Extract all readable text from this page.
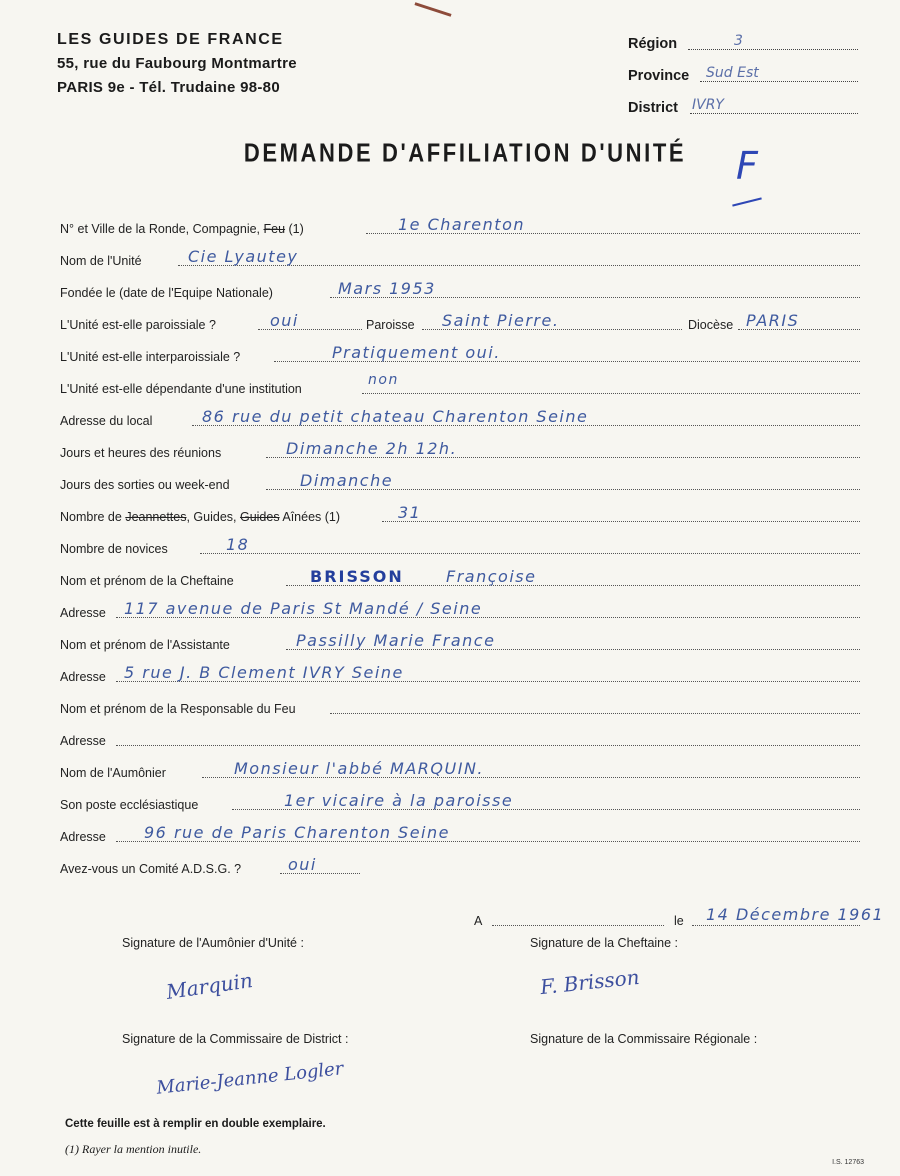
LES GUIDES DE FRANCE
55, rue du Faubourg Montmartre
PARIS 9e - Tél. Trudaine 98-80
Région	3
Province Sud Est
District IVRY
DEMANDE D'AFFILIATION D'UNITÉ	F
N° et Ville de la Ronde, Compagnie, Feu (1)	1e Charenton
Nom de l'Unité	Cie Lyautey
Fondée le (date de l'Equipe Nationale)	Mars 1953
L'Unité est-elle paroissiale ?	oui	Paroisse Saint Pierre.	Diocèse PARIS
L'Unité est-elle interparoissiale ?	Pratiquement oui.
L'Unité est-elle dépendante d'une institution
non
Adresse du local	86 rue du petit chateau Charenton Seine
Jours et heures des réunions	Dimanche 2h 12h.
Jours des sorties ou week-end	Dimanche
Nombre de Jeannettes, Guides, Guides Aînées (1)	31
Nombre de novices	18
Nom et prénom de la Cheftaine	BRISSON	Françoise
Adresse 117 avenue de Paris St Mandé / Seine
Nom et prénom de l'Assistante	Passilly Marie France
Adresse 5 rue J. B Clement IVRY Seine
Nom et prénom de la Responsable du Feu
Adresse
Nom de l'Aumônier	Monsieur l'abbé MARQUIN.
Son poste ecclésiastique	1er vicaire à la paroisse
Adresse 96 rue de Paris Charenton Seine
Avez-vous un Comité A.D.S.G. ?	oui
A	le 14 Décembre 1961
Signature de l'Aumônier d'Unité :
Marquin
Signature de la Cheftaine :
F. Brisson
Signature de la Commissaire de District :
Marie-Jeanne Logler
Signature de la Commissaire Régionale :
Cette feuille est à remplir en double exemplaire.
(1) Rayer la mention inutile.
I.S. 12763
